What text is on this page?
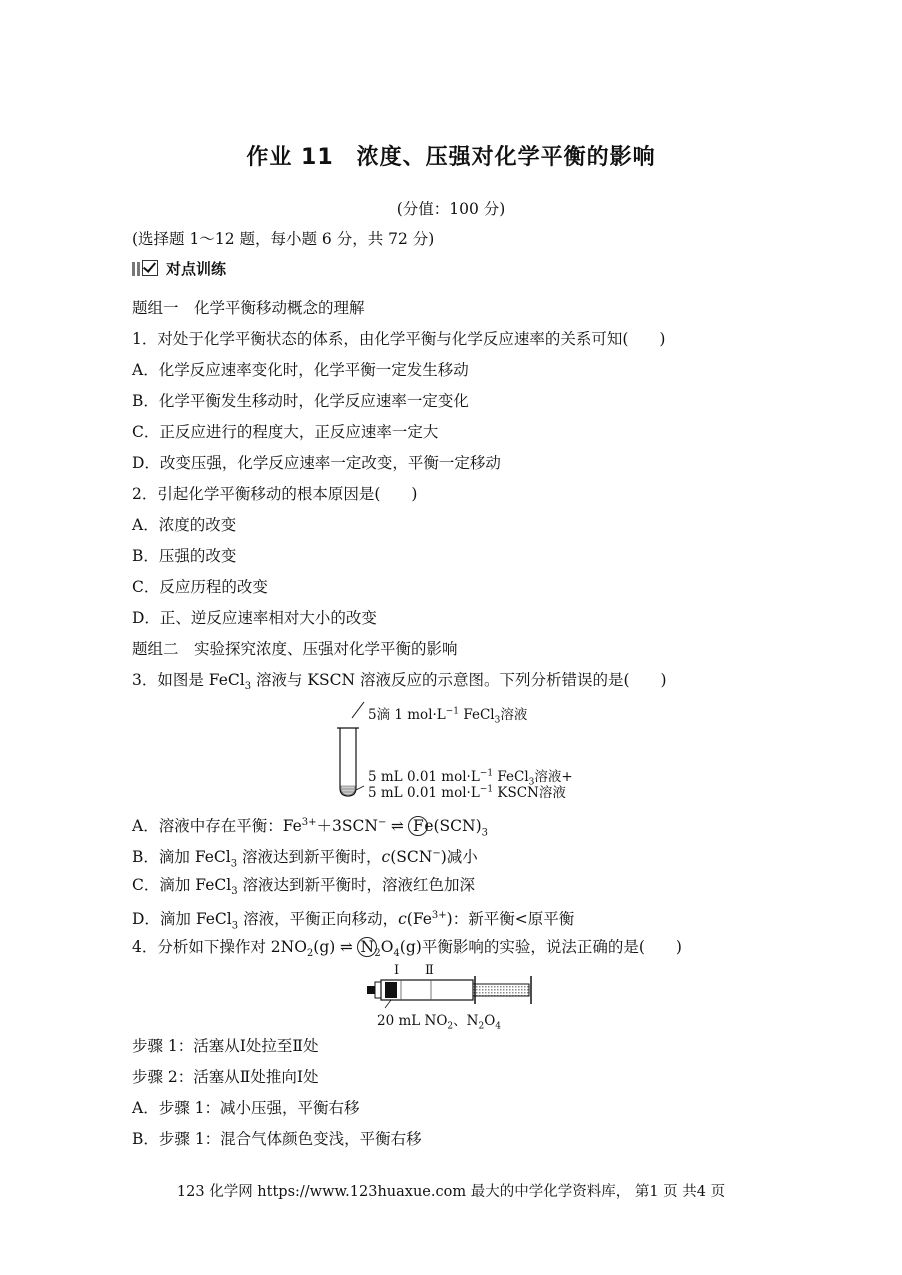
作业 11　浓度、压强对化学平衡的影响
(分值：100 分)
(选择题 1～12 题，每小题 6 分，共 72 分)
对点训练
题组一　化学平衡移动概念的理解
1．对处于化学平衡状态的体系，由化学平衡与化学反应速率的关系可知(　　)
A．化学反应速率变化时，化学平衡一定发生移动
B．化学平衡发生移动时，化学反应速率一定变化
C．正反应进行的程度大，正反应速率一定大
D．改变压强，化学反应速率一定改变，平衡一定移动
2．引起化学平衡移动的根本原因是(　　)
A．浓度的改变
B．压强的改变
C．反应历程的改变
D．正、逆反应速率相对大小的改变
题组二　实验探究浓度、压强对化学平衡的影响
3．如图是 FeCl$_3$ 溶液与 KSCN 溶液反应的示意图。下列分析错误的是(　　)
5滴 1 $mol\cdot L^{-1}$ FeCl$_3$溶液
5 mL 0.01 $mol\cdot L^{-1}$ FeCl$_3$溶液+
5 mL 0.01 $mol\cdot L^{-1}$ KSCN溶液
A．溶液中存在平衡：$Fe^{3+}+3SCN^-$ ⇌ $Fe(SCN)_3$
B．滴加 FeCl$_3$ 溶液达到新平衡时，c(SCN−)减小
C．滴加 FeCl$_3$ 溶液达到新平衡时，溶液红色加深
D．滴加 FeCl$_3$ 溶液，平衡正向移动，$c(Fe^{3+})$：新平衡<原平衡
4．分析如下操作对 $2NO_2(g)$ ⇌ $N_2O_4(g)$平衡影响的实验，说法正确的是(　　)
Ⅰ Ⅱ
20 mL $NO_2$、$N_2O_4$
步骤 1：活塞从Ⅰ处拉至Ⅱ处
步骤 2：活塞从Ⅱ处推向Ⅰ处
A．步骤 1：减小压强，平衡右移
B．步骤 1：混合气体颜色变浅，平衡右移
123 化学网 https://www.123huaxue.com 最大的中学化学资料库， 第1 页 共4 页
